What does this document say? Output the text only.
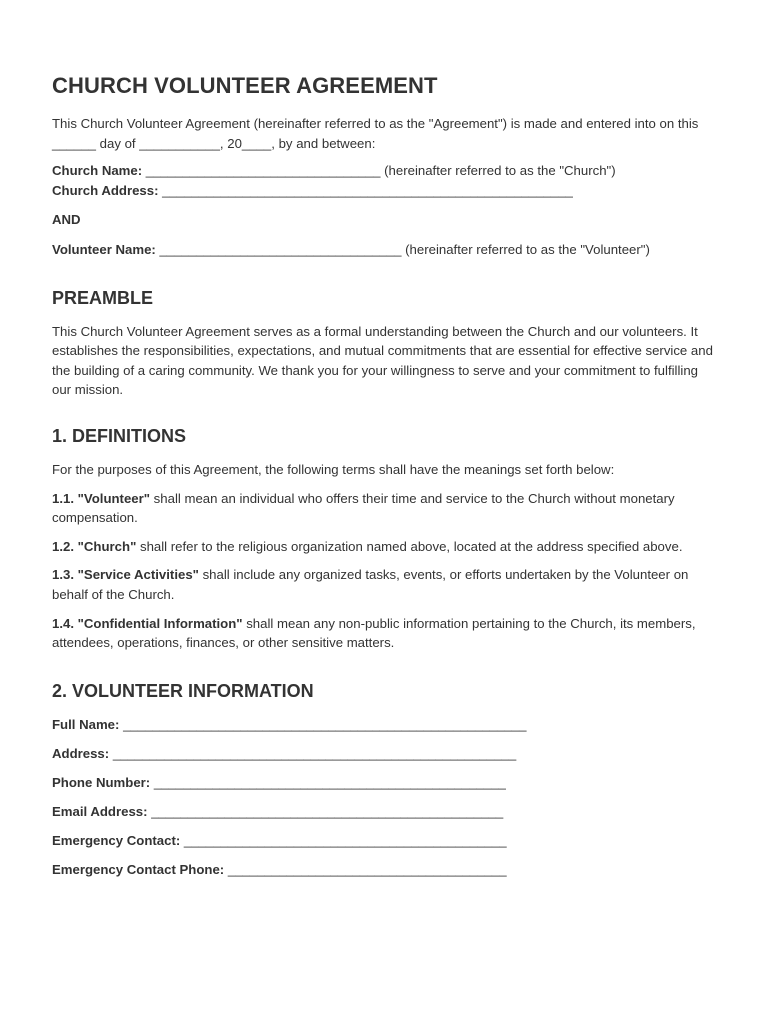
CHURCH VOLUNTEER AGREEMENT

This Church Volunteer Agreement (hereinafter referred to as the "Agreement") is made and entered into on this ______ day of ___________, 20____, by and between:

Church Name: ________________________________ (hereinafter referred to as the "Church")

Church Address: ________________________________________________________

AND

Volunteer Name: _________________________________ (hereinafter referred to as the "Volunteer")

PREAMBLE

This Church Volunteer Agreement serves as a formal understanding between the Church and our volunteers. It establishes the responsibilities, expectations, and mutual commitments that are essential for effective service and the building of a caring community. We thank you for your willingness to serve and your commitment to fulfilling our mission.

1. DEFINITIONS

For the purposes of this Agreement, the following terms shall have the meanings set forth below:

1.1. "Volunteer" shall mean an individual who offers their time and service to the Church without monetary compensation.

1.2. "Church" shall refer to the religious organization named above, located at the address specified above.

1.3. "Service Activities" shall include any organized tasks, events, or efforts undertaken by the Volunteer on behalf of the Church.

1.4. "Confidential Information" shall mean any non-public information pertaining to the Church, its members, attendees, operations, finances, or other sensitive matters.

2. VOLUNTEER INFORMATION

Full Name: _______________________________________________________

Address: _______________________________________________________

Phone Number: ________________________________________________

Email Address: ________________________________________________

Emergency Contact: ____________________________________________

Emergency Contact Phone: ______________________________________
